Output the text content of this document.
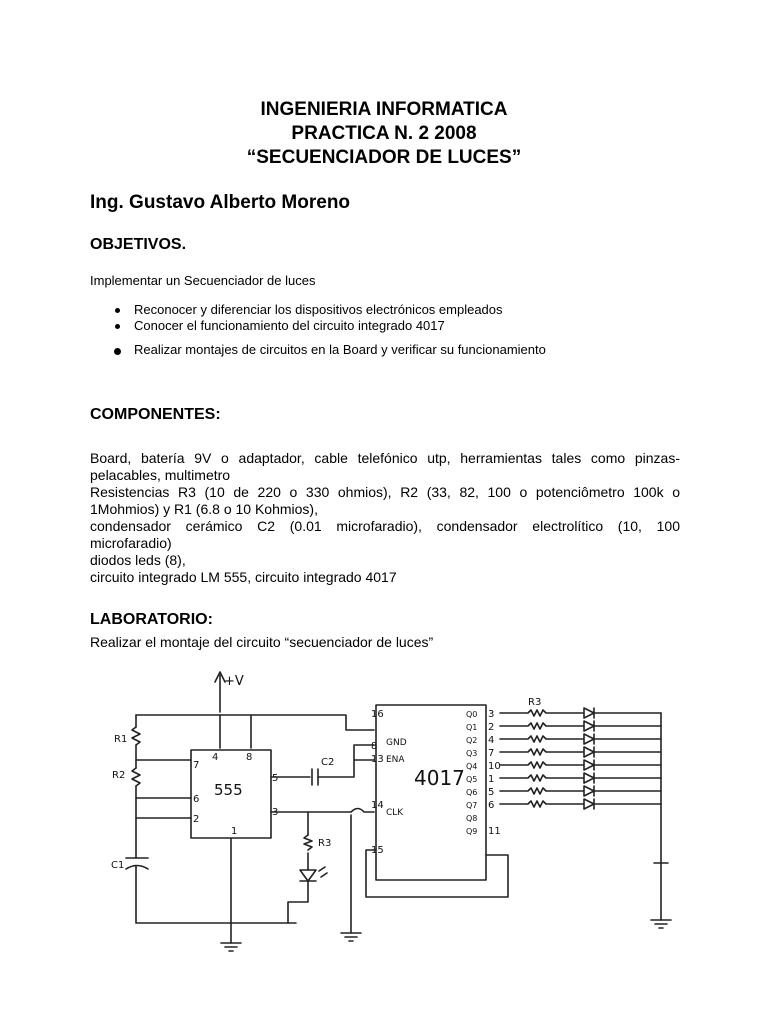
INGENIERIA INFORMATICA
PRACTICA N. 2 2008
“SECUENCIADOR DE LUCES”
Ing. Gustavo Alberto Moreno
OBJETIVOS.
Implementar un Secuenciador de luces
Reconocer y diferenciar los dispositivos electrónicos empleados
Conocer el funcionamiento del circuito integrado 4017
Realizar montajes de circuitos en la Board y verificar su funcionamiento
COMPONENTES:
Board, batería 9V o adaptador, cable telefónico utp, herramientas tales como pinzas-
pelacables, multimetro
Resistencias R3 (10 de 220 o 330 ohmios), R2 (33, 82, 100 o potenciômetro 100k o
1Mohmios) y R1 (6.8 o 10 Kohmios),
condensador cerámico C2 (0.01 microfaradio), condensador electrolítico (10, 100
microfaradio)
diodos leds (8),
circuito integrado LM 555, circuito integrado 4017
LABORATORIO:
Realizar el montaje del circuito “secuenciador de luces”
+V
R1
R2
C1
555
4	8
7
6
2
5
3
1
C2
R3
4017
16
8
13
14
15
GND
ENA
CLK
Q0
Q1
Q2
Q3
Q4
Q5
Q6
Q7
Q8
Q9
3
2
4
7
10
1
5
6
11
R3
